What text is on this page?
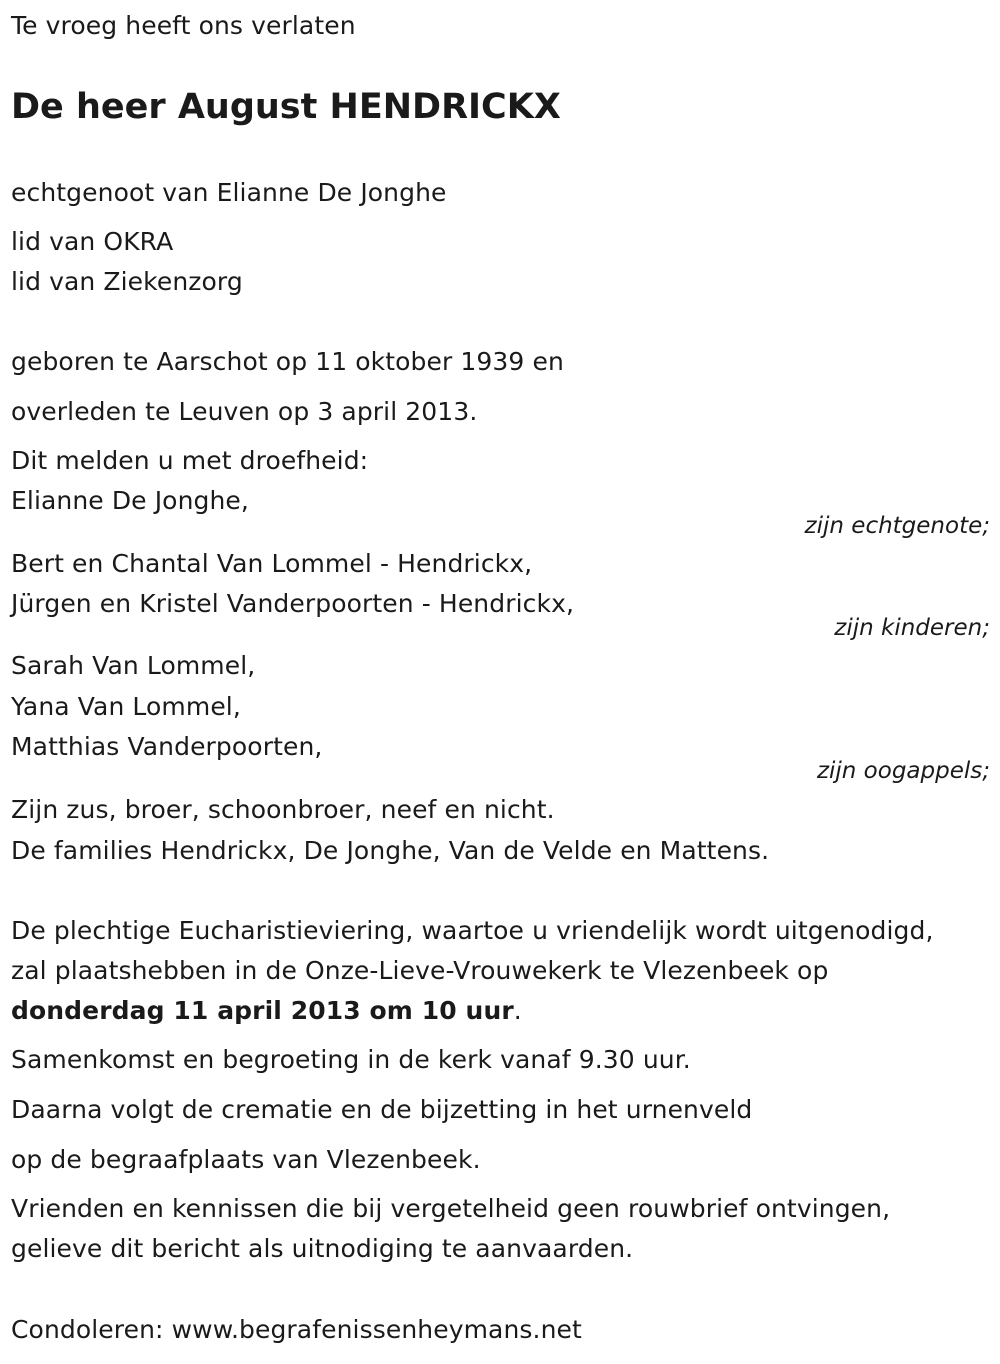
Te vroeg heeft ons verlaten
De heer August HENDRICKX
echtgenoot van Elianne De Jonghe
lid van OKRA
lid van Ziekenzorg
geboren te Aarschot op 11 oktober 1939 en
overleden te Leuven op 3 april 2013.
Dit melden u met droefheid:
Elianne De Jonghe,
zijn echtgenote;
Bert en Chantal Van Lommel - Hendrickx,
Jürgen en Kristel Vanderpoorten - Hendrickx,
zijn kinderen;
Sarah Van Lommel,
Yana Van Lommel,
Matthias Vanderpoorten,
zijn oogappels;
Zijn zus, broer, schoonbroer, neef en nicht.
De families Hendrickx, De Jonghe, Van de Velde en Mattens.
De plechtige Eucharistieviering, waartoe u vriendelijk wordt uitgenodigd,
zal plaatshebben in de Onze-Lieve-Vrouwekerk te Vlezenbeek op
donderdag 11 april 2013 om 10 uur.
Samenkomst en begroeting in de kerk vanaf 9.30 uur.
Daarna volgt de crematie en de bijzetting in het urnenveld
op de begraafplaats van Vlezenbeek.
Vrienden en kennissen die bij vergetelheid geen rouwbrief ontvingen,
gelieve dit bericht als uitnodiging te aanvaarden.
Condoleren: www.begrafenissenheymans.net
